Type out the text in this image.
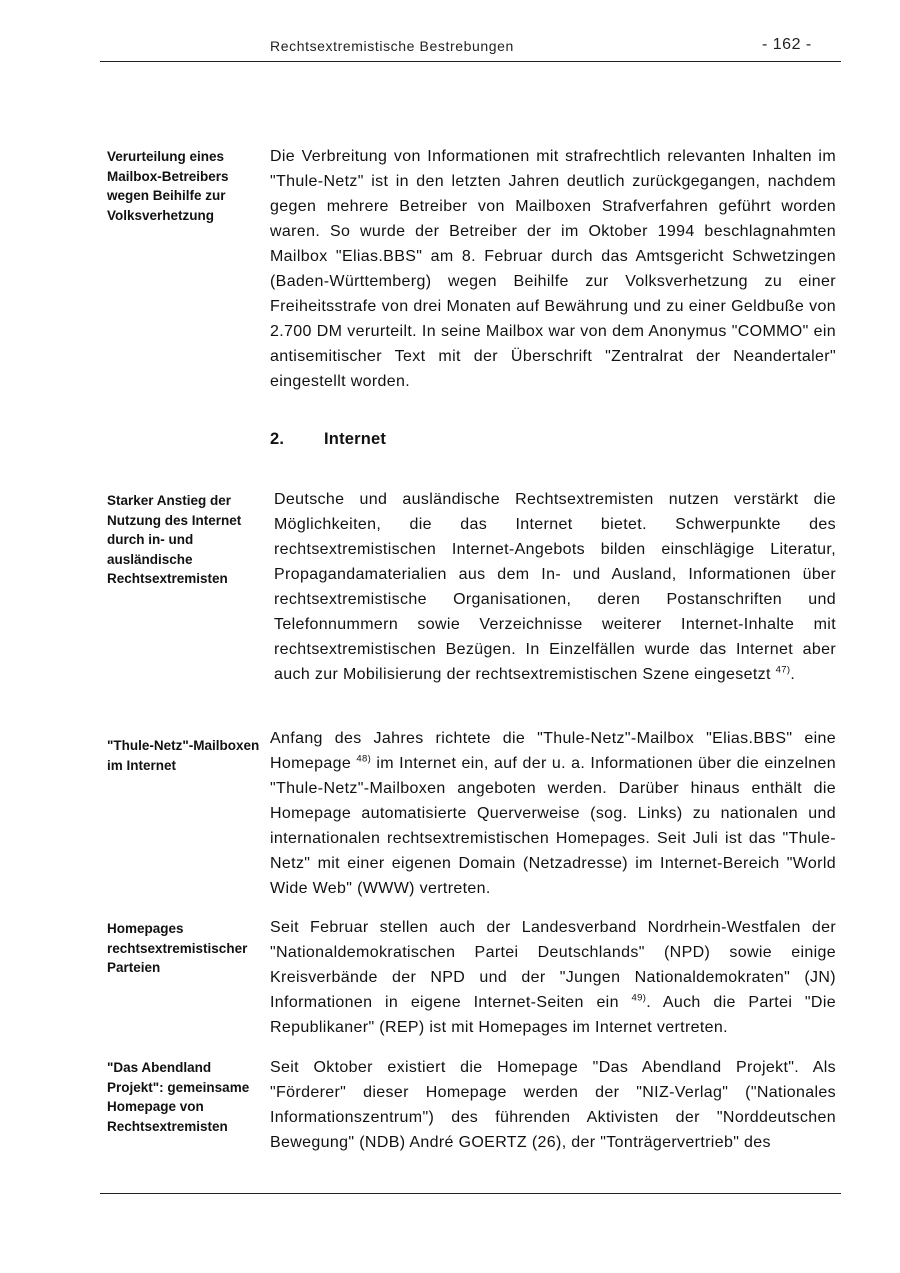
Rechtsextremistische Bestrebungen	- 162 -
Verurteilung eines Mailbox-Betreibers wegen Beihilfe zur Volksverhetzung

Die Verbreitung von Informationen mit strafrechtlich relevanten Inhalten im "Thule-Netz" ist in den letzten Jahren deutlich zurückgegangen, nachdem gegen mehrere Betreiber von Mailboxen Strafverfahren geführt worden waren. So wurde der Betreiber der im Oktober 1994 beschlagnahmten Mailbox "Elias.BBS" am 8. Februar durch das Amtsgericht Schwetzingen (Baden-Württemberg) wegen Beihilfe zur Volksverhetzung zu einer Freiheitsstrafe von drei Monaten auf Bewährung und zu einer Geldbuße von 2.700 DM verurteilt. In seine Mailbox war von dem Anonymus "COMMO" ein antisemitischer Text mit der Überschrift "Zentralrat der Neandertaler" eingestellt worden.

2. Internet
Starker Anstieg der Nutzung des Internet durch in- und ausländische Rechtsextremisten

Deutsche und ausländische Rechtsextremisten nutzen verstärkt die Möglichkeiten, die das Internet bietet. Schwerpunkte des rechtsextremistischen Internet-Angebots bilden einschlägige Literatur, Propagandamaterialien aus dem In- und Ausland, Informationen über rechtsextremistische Organisationen, deren Postanschriften und Telefonnummern sowie Verzeichnisse weiterer Internet-Inhalte mit rechtsextremistischen Bezügen. In Einzelfällen wurde das Internet aber auch zur Mobilisierung der rechtsextremistischen Szene eingesetzt $^{47)}$.

"Thule-Netz"-Mailboxen im Internet

Anfang des Jahres richtete die "Thule-Netz"-Mailbox "Elias.BBS" eine Homepage $^{48)}$ im Internet ein, auf der u. a. Informationen über die einzelnen "Thule-Netz"-Mailboxen angeboten werden. Darüber hinaus enthält die Homepage automatisierte Querverweise (sog. Links) zu nationalen und internationalen rechtsextremistischen Homepages. Seit Juli ist das "Thule-Netz" mit einer eigenen Domain (Netzadresse) im Internet-Bereich "World Wide Web" (WWW) vertreten.

Homepages rechtsextremistischer Parteien

Seit Februar stellen auch der Landesverband Nordrhein-Westfalen der "Nationaldemokratischen Partei Deutschlands" (NPD) sowie einige Kreisverbände der NPD und der "Jungen Nationaldemokraten" (JN) Informationen in eigene Internet-Seiten ein $^{49)}$. Auch die Partei "Die Republikaner" (REP) ist mit Homepages im Internet vertreten.

"Das Abendland Projekt": gemeinsame Homepage von Rechtsextremisten

Seit Oktober existiert die Homepage "Das Abendland Projekt". Als "Förderer" dieser Homepage werden der "NIZ-Verlag" ("Nationales Informationszentrum") des führenden Aktivisten der "Norddeutschen Bewegung" (NDB) André GOERTZ (26), der "Tonträgervertrieb" des
